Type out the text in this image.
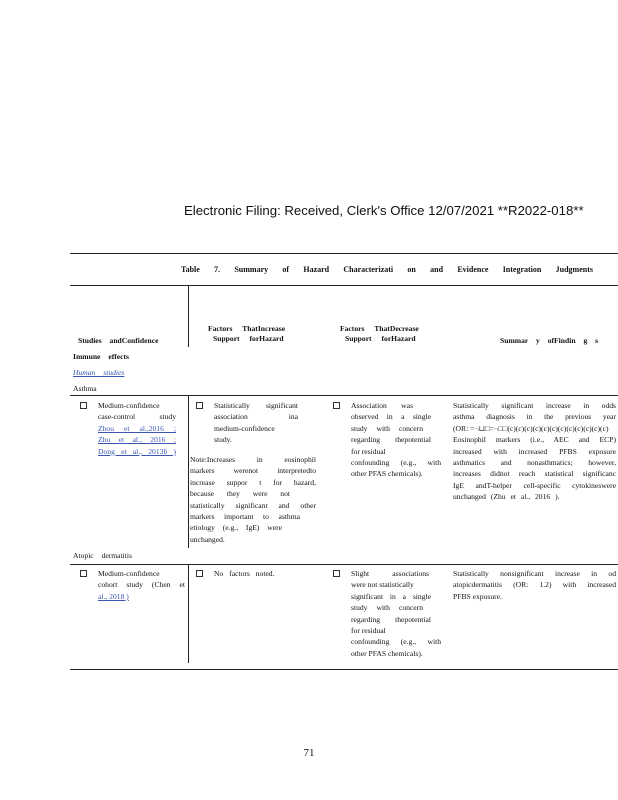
Electronic Filing: Received, Clerk's Office 12/07/2021 **R2022-018**
Table 7. Summary of Hazard Characterizati on and Evidence Integration Judgments
Studies andConfidence
Factors ThatIncrease
Support forHazard
Factors ThatDecrease
Support forHazard	Summar y ofFindin g s
Immune effects
Human studies
Asthma
Medium-confidence
case-control study
Zhou et al.,2016 ;
Zhu et al., 2016 ;
Dong et al., 2013b )
Statistically significant
association ina
medium-confidence
study.
Note:Increases in eosinophil
markers werenot interpretedto
increase suppor t for hazard,
because they were not
statistically significant and other
markers important to asthma
etiology (e.g., IgE) were
unchanged.
Association was
observed in a single
study with concern
regarding thepotential
for residual
confounding (e.g., with
other PFAS chemicals).
Statistically significant increase in odds
asthma diagnosis in the previous year
(OR: =¬⊔□=¬□□(c)(c)(c)(c)(c)(c)(c)(c)(c)(c)(c)(c)
Eosinophil markers (i.e., AEC and ECP)
increased with increased PFBS exposure
asthmatics and nonasthmatics; however,
increases didnot reach statistical significanc
IgE andT-helper cell-specific cytokineswere
unchanged (Zhu et al., 2016 ).
Atopic dermatitis
Medium-confidence
cohort study (Chen et
al., 2018 )
No factors noted.	Slight associations
were not statistically
significant in a single
study with concern
regarding thepotential
for residual
confounding (e.g., with
other PFAS chemicals).
Statistically nonsignificant increase in od
atopicdermatitis (OR: 1.2) with increased
PFBS exposure.
71
